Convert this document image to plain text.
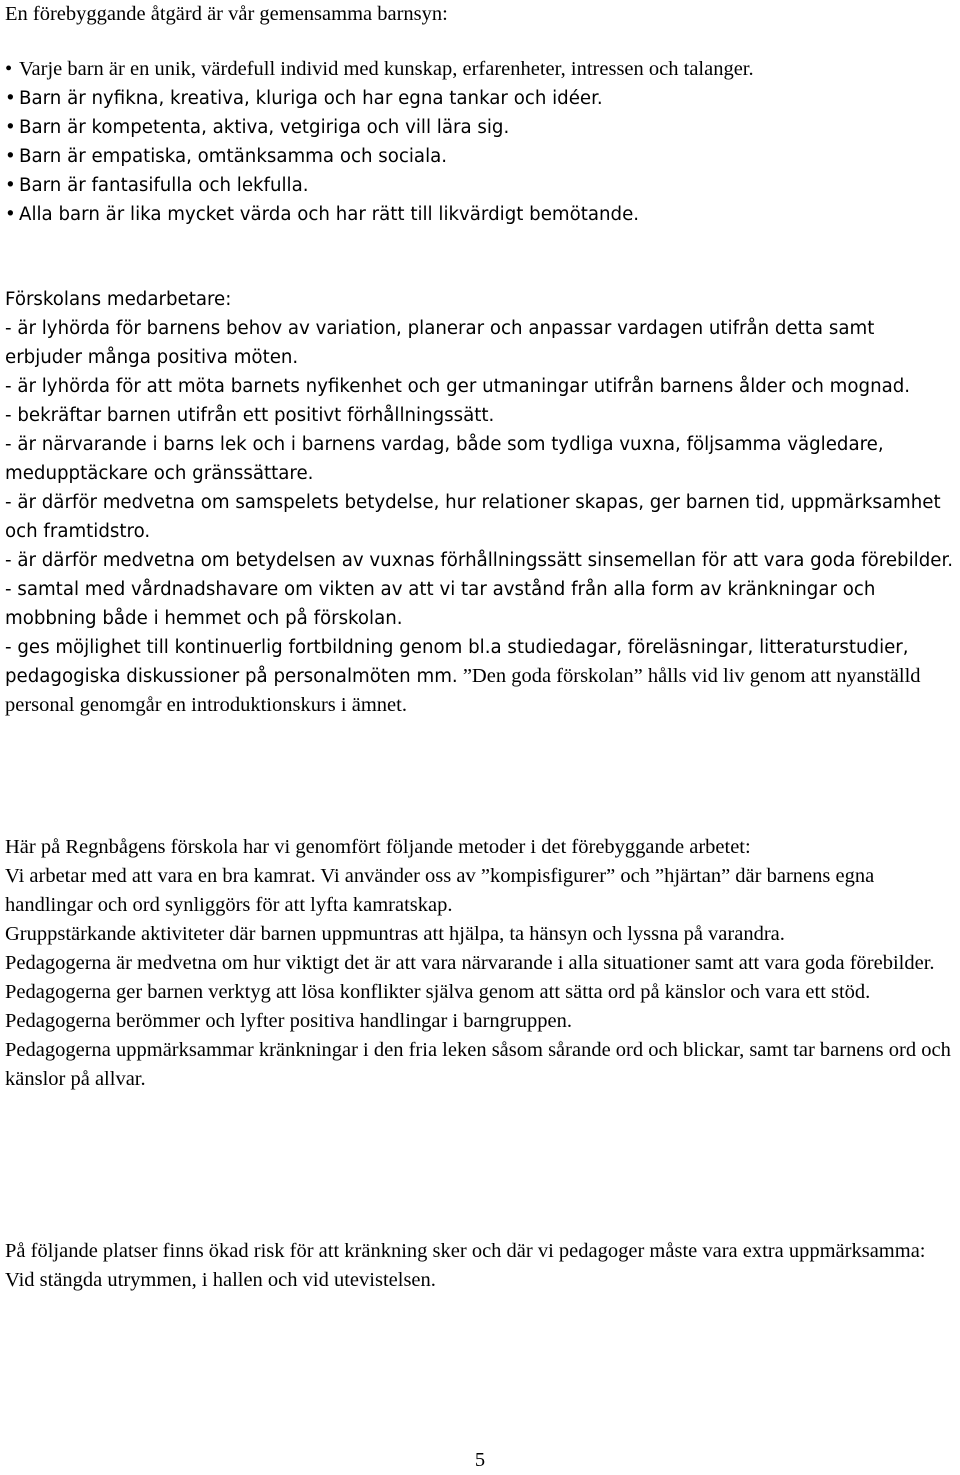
En förebyggande åtgärd är vår gemensamma barnsyn:

• Varje barn är en unik, värdefull individ med kunskap, erfarenheter, intressen och talanger.
• Barn är nyfikna, kreativa, kluriga och har egna tankar och idéer.
• Barn är kompetenta, aktiva, vetgiriga och vill lära sig.
• Barn är empatiska, omtänksamma och sociala.
• Barn är fantasifulla och lekfulla.
• Alla barn är lika mycket värda och har rätt till likvärdigt bemötande.

Förskolans medarbetare:

- är lyhörda för barnens behov av variation, planerar och anpassar vardagen utifrån detta samt erbjuder många positiva möten.

- är lyhörda för att möta barnets nyfikenhet och ger utmaningar utifrån barnens ålder och mognad.

- bekräftar barnen utifrån ett positivt förhållningssätt.

- är närvarande i barns lek och i barnens vardag, både som tydliga vuxna, följsamma vägledare, medupptäckare och gränssättare.

- är därför medvetna om samspelets betydelse, hur relationer skapas, ger barnen tid, uppmärksamhet och framtidstro.

- är därför medvetna om betydelsen av vuxnas förhållningssätt sinsemellan för att vara goda förebilder.

- samtal med vårdnadshavare om vikten av att vi tar avstånd från alla form av kränkningar och mobbning både i hemmet och på förskolan.

- ges möjlighet till kontinuerlig fortbildning genom bl.a studiedagar, föreläsningar, litteraturstudier, pedagogiska diskussioner på personalmöten mm. ”Den goda förskolan” hålls vid liv genom att nyanställd personal genomgår en introduktionskurs i ämnet.

Här på Regnbågens förskola har vi genomfört följande metoder i det förebyggande arbetet:

Vi arbetar med att vara en bra kamrat. Vi använder oss av ”kompisfigurer” och ”hjärtan” där barnens egna handlingar och ord synliggörs för att lyfta kamratskap.

Gruppstärkande aktiviteter där barnen uppmuntras att hjälpa, ta hänsyn och lyssna på varandra.

Pedagogerna är medvetna om hur viktigt det är att vara närvarande i alla situationer samt att vara goda förebilder.

Pedagogerna ger barnen verktyg att lösa konflikter själva genom att sätta ord på känslor och vara ett stöd.

Pedagogerna berömmer och lyfter positiva handlingar i barngruppen.

Pedagogerna uppmärksammar kränkningar i den fria leken såsom sårande ord och blickar, samt tar barnens ord och känslor på allvar.

På följande platser finns ökad risk för att kränkning sker och där vi pedagoger måste vara extra uppmärksamma:

Vid stängda utrymmen, i hallen och vid utevistelsen.

5
